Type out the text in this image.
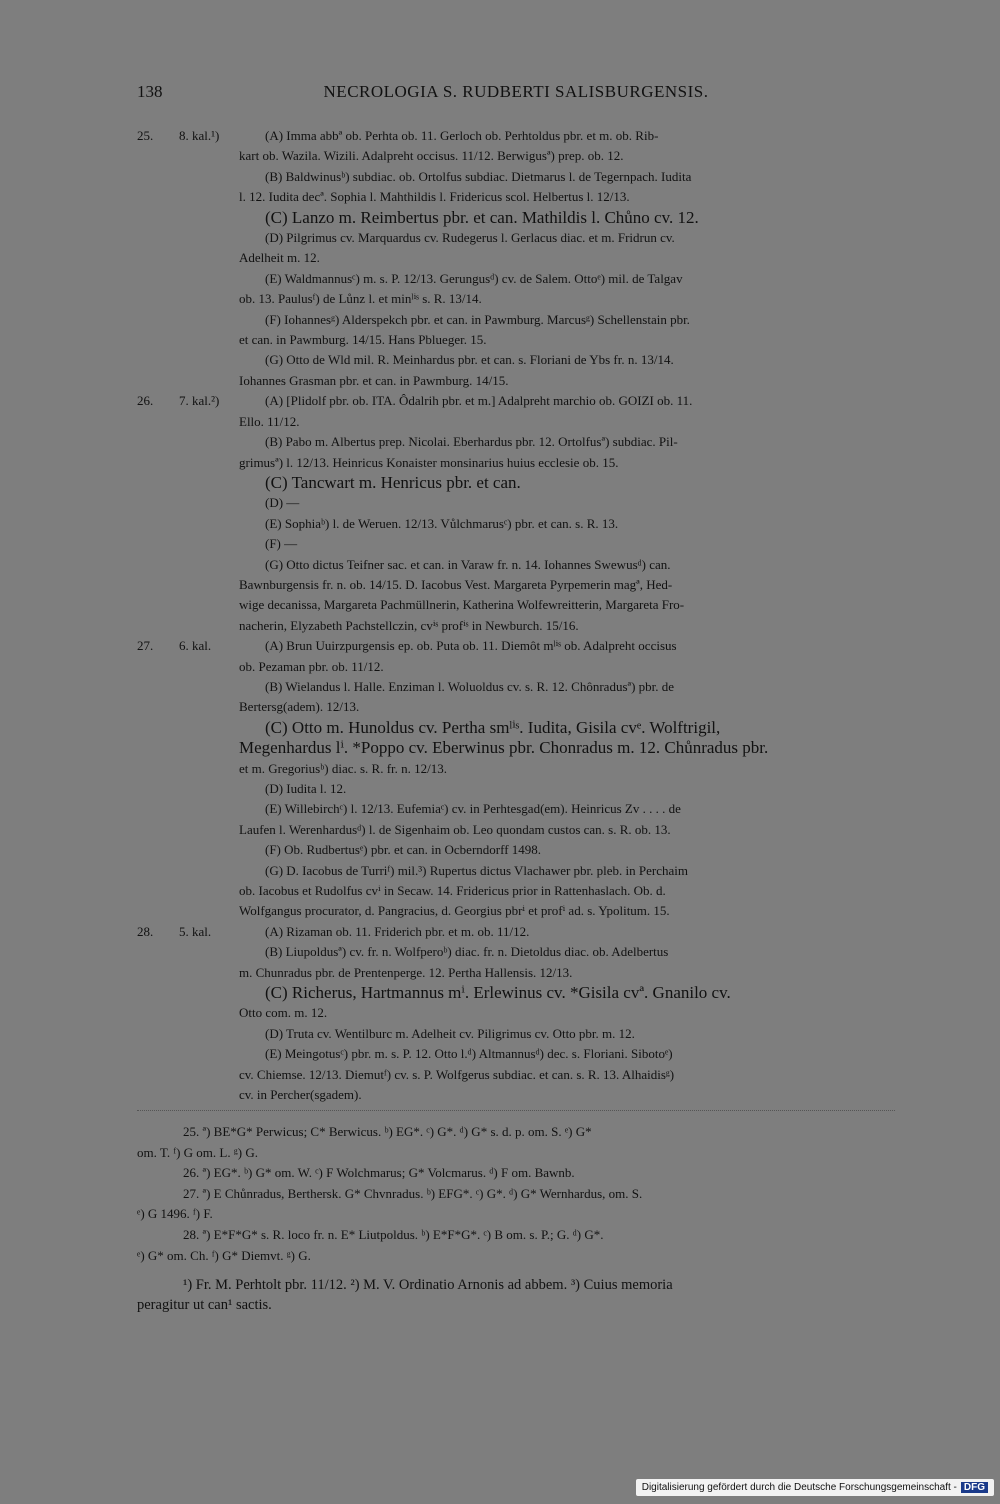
138	NECROLOGIA S. RUDBERTI SALISBURGENSIS.
25. 8. kal.¹)	(A) Imma abbª ob. Perhta ob. 11. Gerloch ob. Perhtoldus pbr. et m. ob. Rib-
kart ob. Wazila. Wizili. Adalpreht occisus. 11/12. Berwigusª) prep. ob. 12.
(B) Baldwinusᵇ) subdiac. ob. Ortolfus subdiac. Dietmarus l. de Tegernpach. Iudita
l. 12. Iudita decª. Sophia l. Mahthildis l. Fridericus scol. Helbertus l. 12/13.
(C) Lanzo m. Reimbertus pbr. et can. Mathildis l. Chůno cv. 12.
(D) Pilgrimus cv. Marquardus cv. Rudegerus l. Gerlacus diac. et m. Fridrun cv.
Adelheit m. 12.
(E) Waldmannusᶜ) m. s. P. 12/13. Gerungusᵈ) cv. de Salem. Ottoᵉ) mil. de Talgav
ob. 13. Paulusᶠ) de Lůnz l. et minˡⁱˢ s. R. 13/14.
(F) Iohannesᵍ) Alderspekch pbr. et can. in Pawmburg. Marcusᵍ) Schellenstain pbr.
et can. in Pawmburg. 14/15. Hans Pblueger. 15.
(G) Otto de Wld mil. R. Meinhardus pbr. et can. s. Floriani de Ybs fr. n. 13/14.
Iohannes Grasman pbr. et can. in Pawmburg. 14/15.
26. 7. kal.²)	(A) [Plidolf pbr. ob. ITA. Ôdalrih pbr. et m.] Adalpreht marchio ob. GOIZI ob. 11.
Ello. 11/12.
(B) Pabo m. Albertus prep. Nicolai. Eberhardus pbr. 12. Ortolfusª) subdiac. Pil-
grimusª) l. 12/13. Heinricus Konaister monsinarius huius ecclesie ob. 15.
(C) Tancwart m. Henricus pbr. et can.
(D) —
(E) Sophiaᵇ) l. de Weruen. 12/13. Vůlchmarusᶜ) pbr. et can. s. R. 13.
(F) —
(G) Otto dictus Teifner sac. et can. in Varaw fr. n. 14. Iohannes Swewusᵈ) can.
Bawnburgensis fr. n. ob. 14/15. D. Iacobus Vest. Margareta Pyrpemerin magª, Hed-
wige decanissa, Margareta Pachmüllnerin, Katherina Wolfewreitterin, Margareta Fro-
nacherin, Elyzabeth Pachstellczin, cvⁱˢ profⁱˢ in Newburch. 15/16.
27. 6. kal.	(A) Brun Uuirzpurgensis ep. ob. Puta ob. 11. Diemôt mˡⁱˢ ob. Adalpreht occisus
ob. Pezaman pbr. ob. 11/12.
(B) Wielandus l. Halle. Enziman l. Woluoldus cv. s. R. 12. Chônradusª) pbr. de
Bertersg(adem). 12/13.
(C) Otto m. Hunoldus cv. Pertha smˡⁱˢ. Iudita, Gisila cvᵉ. Wolftrigil,
Megenhardus lⁱ. *Poppo cv. Eberwinus pbr. Chonradus m. 12. Chůnradus pbr.
et m. Gregoriusᵇ) diac. s. R. fr. n. 12/13.
(D) Iudita l. 12.
(E) Willebirchᶜ) l. 12/13. Eufemiaᶜ) cv. in Perhtesgad(em). Heinricus Zv . . . . de
Laufen l. Werenhardusᵈ) l. de Sigenhaim ob. Leo quondam custos can. s. R. ob. 13.
(F) Ob. Rudbertusᵉ) pbr. et can. in Ocberndorff 1498.
(G) D. Iacobus de Turriᶠ) mil.³) Rupertus dictus Vlachawer pbr. pleb. in Perchaim
ob. Iacobus et Rudolfus cvⁱ in Secaw. 14. Fridericus prior in Rattenhaslach. Ob. d.
Wolfgangus procurator, d. Pangracius, d. Georgius pbrⁱ et profⁱ ad. s. Ypolitum. 15.
28. 5. kal.	(A) Rizaman ob. 11. Friderich pbr. et m. ob. 11/12.
(B) Liupoldusª) cv. fr. n. Wolfperoᵇ) diac. fr. n. Dietoldus diac. ob. Adelbertus
m. Chunradus pbr. de Prentenperge. 12. Pertha Hallensis. 12/13.
(C) Richerus, Hartmannus mⁱ. Erlewinus cv. *Gisila cvª. Gnanilo cv.
Otto com. m. 12.
(D) Truta cv. Wentilburc m. Adelheit cv. Piligrimus cv. Otto pbr. m. 12.
(E) Meingotusᶜ) pbr. m. s. P. 12. Otto l.ᵈ) Altmannusᵈ) dec. s. Floriani. Sibotoᵉ)
cv. Chiemse. 12/13. Diemutᶠ) cv. s. P. Wolfgerus subdiac. et can. s. R. 13. Alhaidisᵍ)
cv. in Percher(sgadem).
25. ª) BE*G* Perwicus; C* Berwicus. ᵇ) EG*. ᶜ) G*. ᵈ) G* s. d. p. om. S. ᵉ) G*
om. T. ᶠ) G om. L. ᵍ) G.
26. ª) EG*. ᵇ) G* om. W. ᶜ) F Wolchmarus; G* Volcmarus. ᵈ) F om. Bawnb.
27. ª) E Chůnradus, Berthersk. G* Chvnradus. ᵇ) EFG*. ᶜ) G*. ᵈ) G* Wernhardus, om. S.
ᵉ) G 1496. ᶠ) F.
28. ª) E*F*G* s. R. loco fr. n. E* Liutpoldus. ᵇ) E*F*G*. ᶜ) B om. s. P.; G. ᵈ) G*.
ᵉ) G* om. Ch. ᶠ) G* Diemvt. ᵍ) G.
¹) Fr. M. Perhtolt pbr. 11/12. ²) M. V. Ordinatio Arnonis ad abbem. ³) Cuius memoria
peragitur ut can¹ sactis.
Digitalisierung gefördert durch die Deutsche Forschungsgemeinschaft - DFG
